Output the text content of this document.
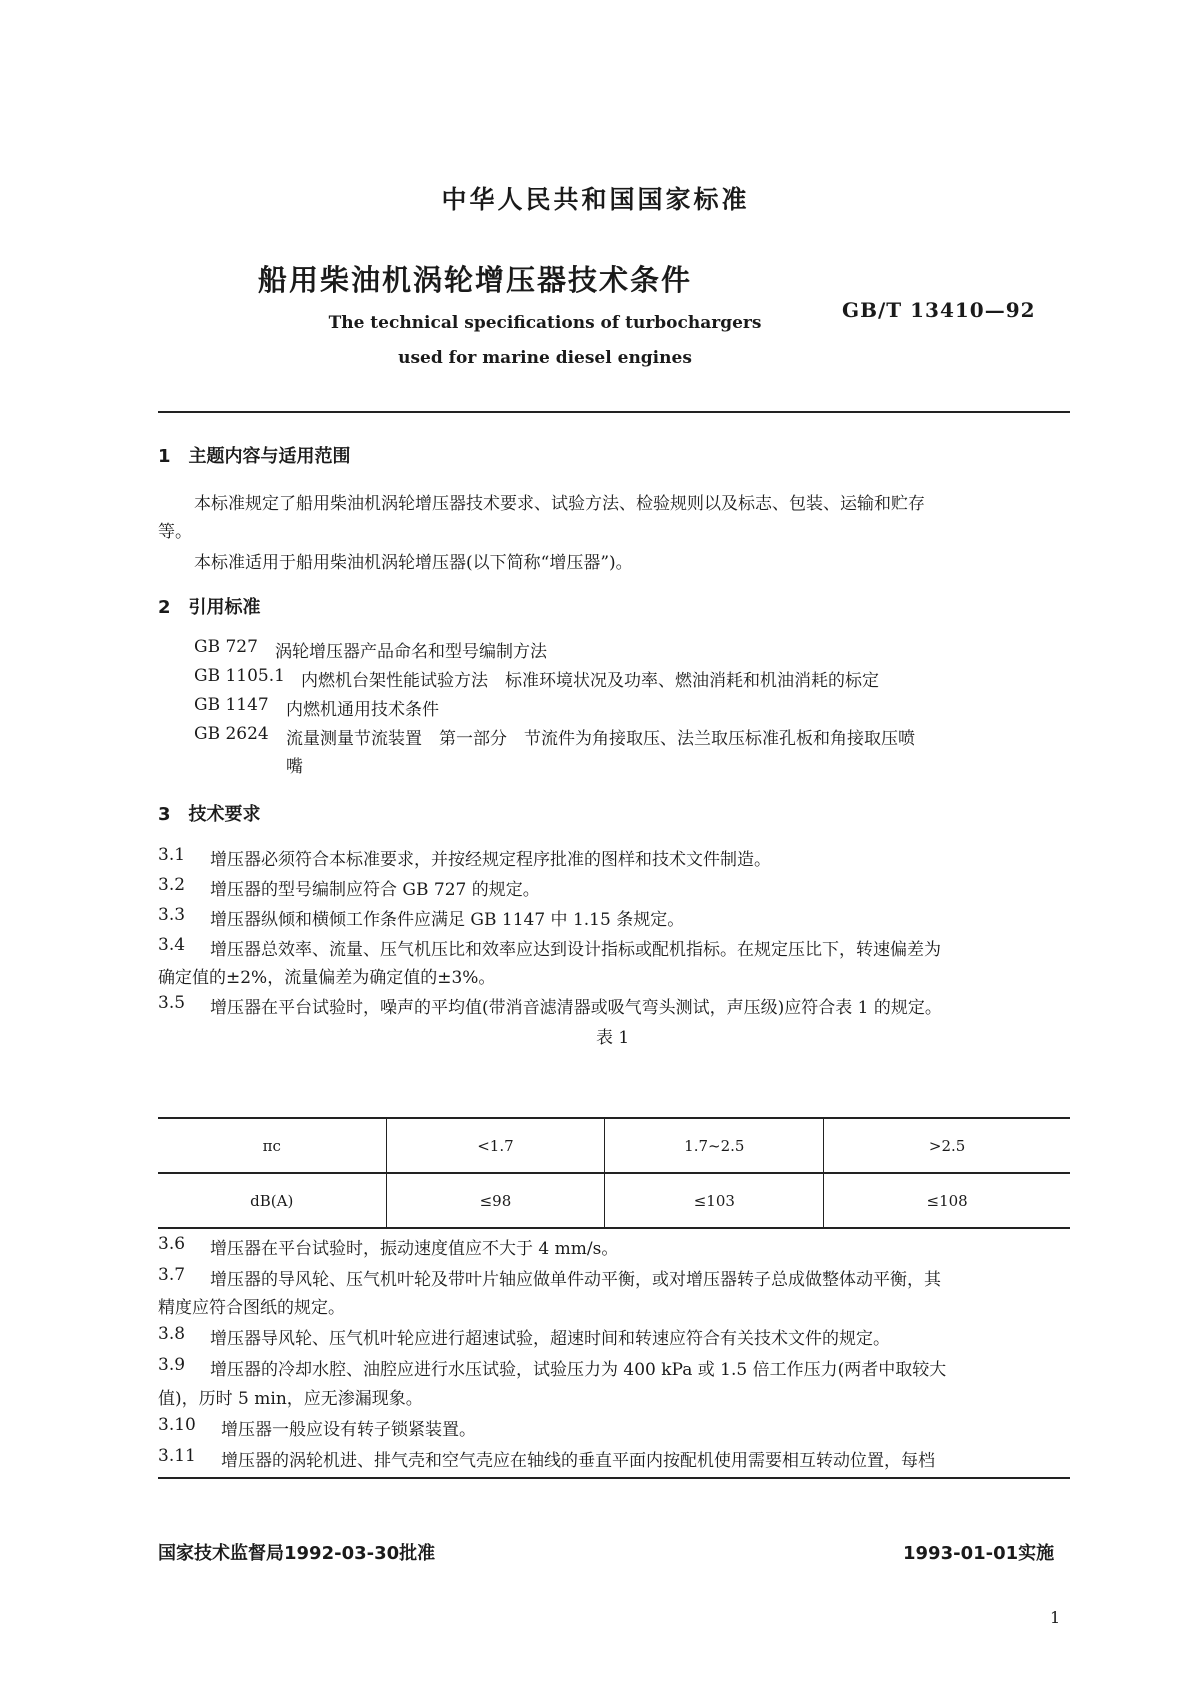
中华人民共和国国家标准
船用柴油机涡轮增压器技术条件
GB/T 13410—92
The technical specifications of turbochargers
used for marine diesel engines
1　主题内容与适用范围
本标准规定了船用柴油机涡轮增压器技术要求、试验方法、检验规则以及标志、包装、运输和贮存
等。
本标准适用于船用柴油机涡轮增压器(以下简称“增压器”)。
2　引用标准
GB 727 涡轮增压器产品命名和型号编制方法
GB 1105.1 内燃机台架性能试验方法　标准环境状况及功率、燃油消耗和机油消耗的标定
GB 1147 内燃机通用技术条件
GB 2624 流量测量节流装置　第一部分　节流件为角接取压、法兰取压标准孔板和角接取压喷
嘴
3　技术要求
3.1 增压器必须符合本标准要求，并按经规定程序批准的图样和技术文件制造。
3.2 增压器的型号编制应符合 GB 727 的规定。
3.3 增压器纵倾和横倾工作条件应满足 GB 1147 中 1.15 条规定。
3.4 增压器总效率、流量、压气机压比和效率应达到设计指标或配机指标。在规定压比下，转速偏差为
确定值的±2%，流量偏差为确定值的±3%。
3.5 增压器在平台试验时，噪声的平均值(带消音滤清器或吸气弯头测试，声压级)应符合表 1 的规定。
表 1
πc	<1.7	1.7~2.5	>2.5
dB(A)	≤98	≤103	≤108
3.6 增压器在平台试验时，振动速度值应不大于 4 mm/s。
3.7 增压器的导风轮、压气机叶轮及带叶片轴应做单件动平衡，或对增压器转子总成做整体动平衡，其
精度应符合图纸的规定。
3.8 增压器导风轮、压气机叶轮应进行超速试验，超速时间和转速应符合有关技术文件的规定。
3.9 增压器的冷却水腔、油腔应进行水压试验，试验压力为 400 kPa 或 1.5 倍工作压力(两者中取较大
值)，历时 5 min，应无渗漏现象。
3.10 增压器一般应设有转子锁紧装置。
3.11 增压器的涡轮机进、排气壳和空气壳应在轴线的垂直平面内按配机使用需要相互转动位置，每档
国家技术监督局1992-03-30批准	1993-01-01实施
1
